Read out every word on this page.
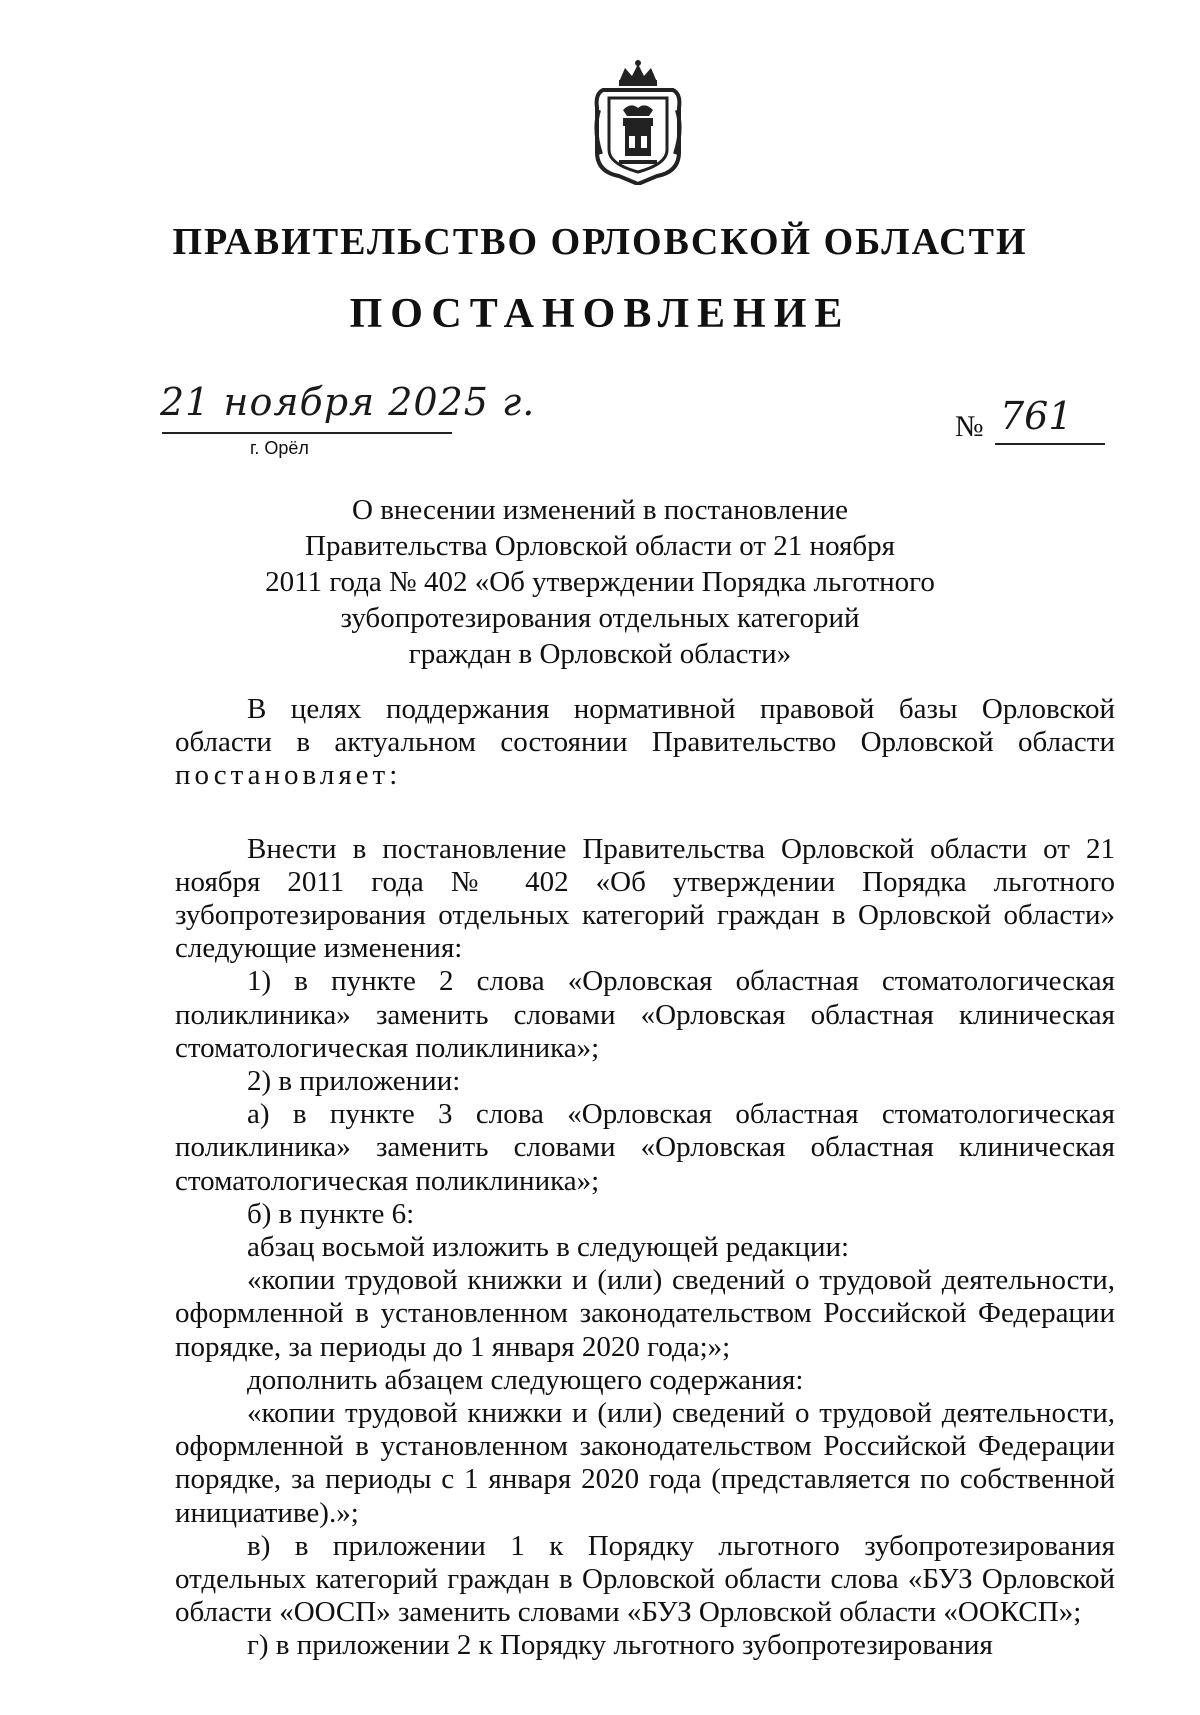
ПРАВИТЕЛЬСТВО ОРЛОВСКОЙ ОБЛАСТИ
ПОСТАНОВЛЕНИЕ
21 ноября 2025 г.
г. Орёл
№ 761
О внесении изменений в постановление
Правительства Орловской области от 21 ноября
2011 года № 402 «Об утверждении Порядка льготного
зубопротезирования отдельных категорий
граждан в Орловской области»

В целях поддержания нормативной правовой базы Орловской области в актуальном состоянии Правительство Орловской области постановляет:

Внести в постановление Правительства Орловской области от 21 ноября 2011 года № 402 «Об утверждении Порядка льготного зубопротезирования отдельных категорий граждан в Орловской области» следующие изменения:

1) в пункте 2 слова «Орловская областная стоматологическая поликлиника» заменить словами «Орловская областная клиническая стоматологическая поликлиника»;

2) в приложении:

а) в пункте 3 слова «Орловская областная стоматологическая поликлиника» заменить словами «Орловская областная клиническая стоматологическая поликлиника»;

б) в пункте 6:

абзац восьмой изложить в следующей редакции:

«копии трудовой книжки и (или) сведений о трудовой деятельности, оформленной в установленном законодательством Российской Федерации порядке, за периоды до 1 января 2020 года;»;

дополнить абзацем следующего содержания:

«копии трудовой книжки и (или) сведений о трудовой деятельности, оформленной в установленном законодательством Российской Федерации порядке, за периоды с 1 января 2020 года (представляется по собственной инициативе).»;

в) в приложении 1 к Порядку льготного зубопротезирования отдельных категорий граждан в Орловской области слова «БУЗ Орловской области «ООСП» заменить словами «БУЗ Орловской области «ООКСП»;

г) в приложении 2 к Порядку льготного зубопротезирования
